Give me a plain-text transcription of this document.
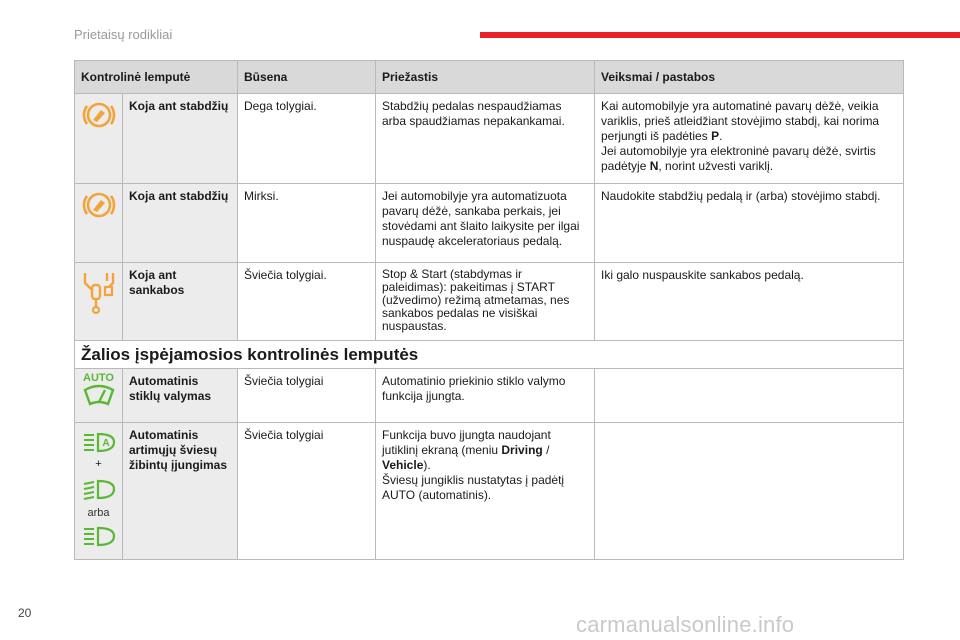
Prietaisų rodikliai
Kontrolinė lemputė		Būsena	Priežastis	Veiksmai / pastabos
	Koja ant stabdžių	Dega tolygiai.	Stabdžių pedalas nespaudžiamas arba spaudžiamas nepakankamai.	Kai automobilyje yra automatinė pavarų dėžė, veikia variklis, prieš atleidžiant stovėjimo stabdį, kai norima perjungti iš padėties P.
Jei automobilyje yra elektroninė pavarų dėžė, svirtis padėtyje N, norint užvesti variklį.
	Koja ant stabdžių	Mirksi.	Jei automobilyje yra automatizuota pavarų dėžė, sankaba perkais, jei stovėdami ant šlaito laikysite per ilgai nuspaudę akceleratoriaus pedalą.	Naudokite stabdžių pedalą ir (arba) stovėjimo stabdį.
	Koja ant sankabos	Šviečia tolygiai.	Stop & Start (stabdymas ir paleidimas): pakeitimas į START (užvedimo) režimą atmetamas, nes sankabos pedalas ne visiškai nuspaustas.	Iki galo nuspauskite sankabos pedalą.
Žalios įspėjamosios kontrolinės lemputės				

AUTO	Automatinis stiklų valymas	Šviečia tolygiai	Automatinio priekinio stiklo valymo funkcija įjungta.	

A
+
arba	Automatinis artimųjų šviesų žibintų įjungimas	Šviečia tolygiai	Funkcija buvo įjungta naudojant jutiklinį ekraną (meniu Driving / Vehicle).
Šviesų jungiklis nustatytas į padėtį AUTO (automatinis).	
20	carmanualsonline.info
